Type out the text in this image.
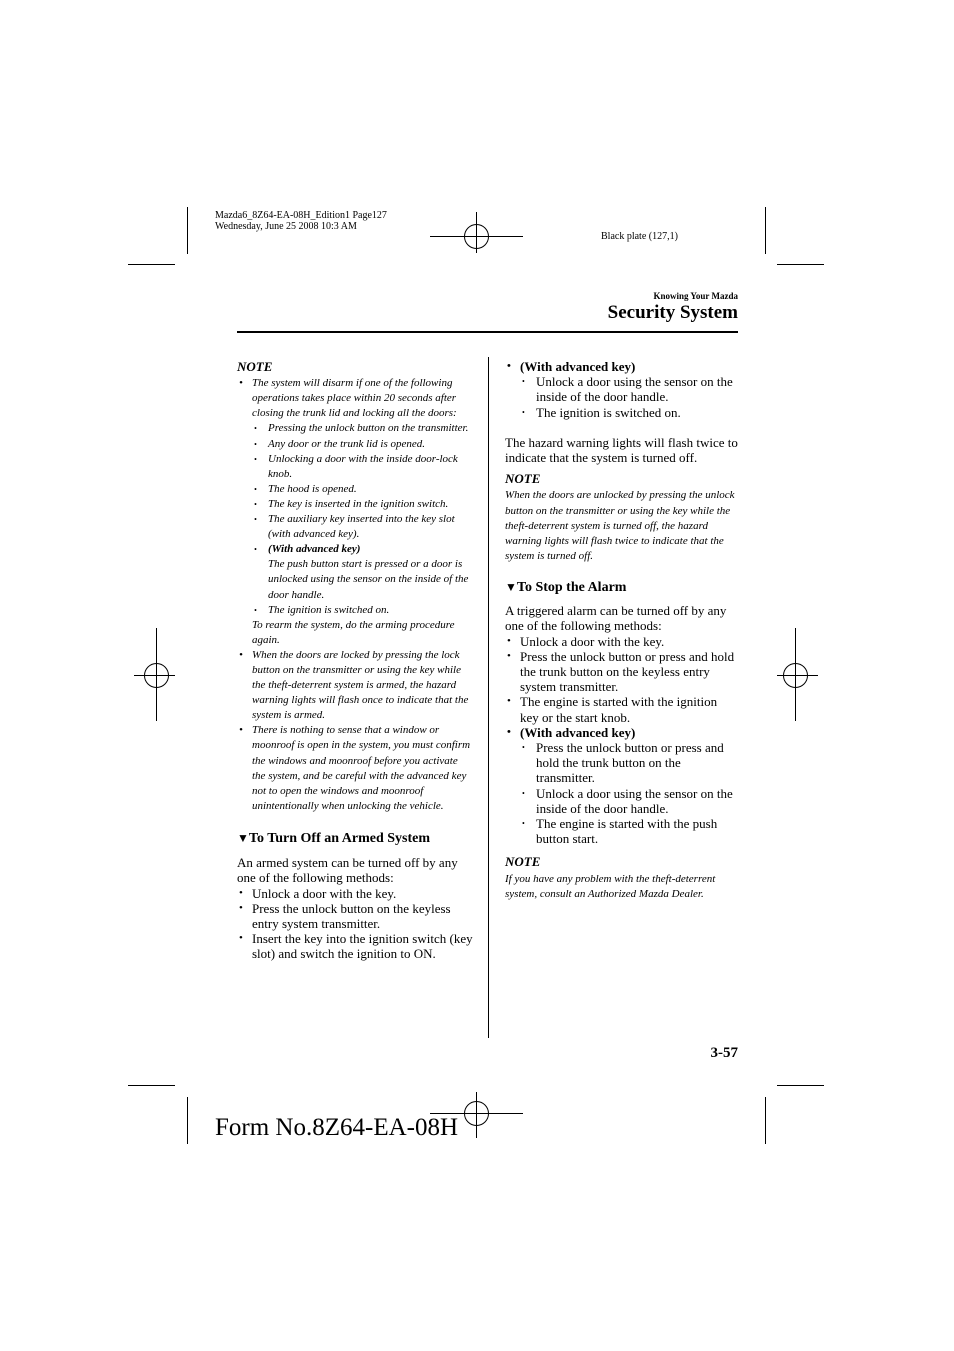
Mazda6_8Z64-EA-08H_Edition1 Page127
Wednesday, June 25 2008 10:3 AM
Black plate (127,1)
Knowing Your Mazda
Security System

NOTE

• The system will disarm if one of the following operations takes place within 20 seconds after closing the trunk lid and locking all the doors:
• Pressing the unlock button on the transmitter.
• Any door or the trunk lid is opened.
• Unlocking a door with the inside door-lock knob.
• The hood is opened.
• The key is inserted in the ignition switch.
• The auxiliary key inserted into the key slot (with advanced key).
• (With advanced key)
The push button start is pressed or a door is unlocked using the sensor on the inside of the door handle.
• The ignition is switched on.
To rearm the system, do the arming procedure again.
• When the doors are locked by pressing the lock button on the transmitter or using the key while the theft-deterrent system is armed, the hazard warning lights will flash once to indicate that the system is armed.
• There is nothing to sense that a window or moonroof is open in the system, you must confirm the windows and moonroof before you activate the system, and be careful with the advanced key not to open the windows and moonroof unintentionally when unlocking the vehicle.

▼To Turn Off an Armed System

An armed system can be turned off by any one of the following methods:

• Unlock a door with the key.
• Press the unlock button on the keyless entry system transmitter.
• Insert the key into the ignition switch (key slot) and switch the ignition to ON.
• (With advanced key)
• Unlock a door using the sensor on the inside of the door handle.
• The ignition is switched on.

The hazard warning lights will flash twice to indicate that the system is turned off.

NOTE

When the doors are unlocked by pressing the unlock button on the transmitter or using the key while the theft-deterrent system is turned off, the hazard warning lights will flash twice to indicate that the system is turned off.

▼To Stop the Alarm

A triggered alarm can be turned off by any one of the following methods:

• Unlock a door with the key.
• Press the unlock button or press and hold the trunk button on the keyless entry system transmitter.
• The engine is started with the ignition key or the start knob.
• (With advanced key)
• Press the unlock button or press and hold the trunk button on the transmitter.
• Unlock a door using the sensor on the inside of the door handle.
• The engine is started with the push button start.

NOTE

If you have any problem with the theft-deterrent system, consult an Authorized Mazda Dealer.

3-57
Form No.8Z64-EA-08H
